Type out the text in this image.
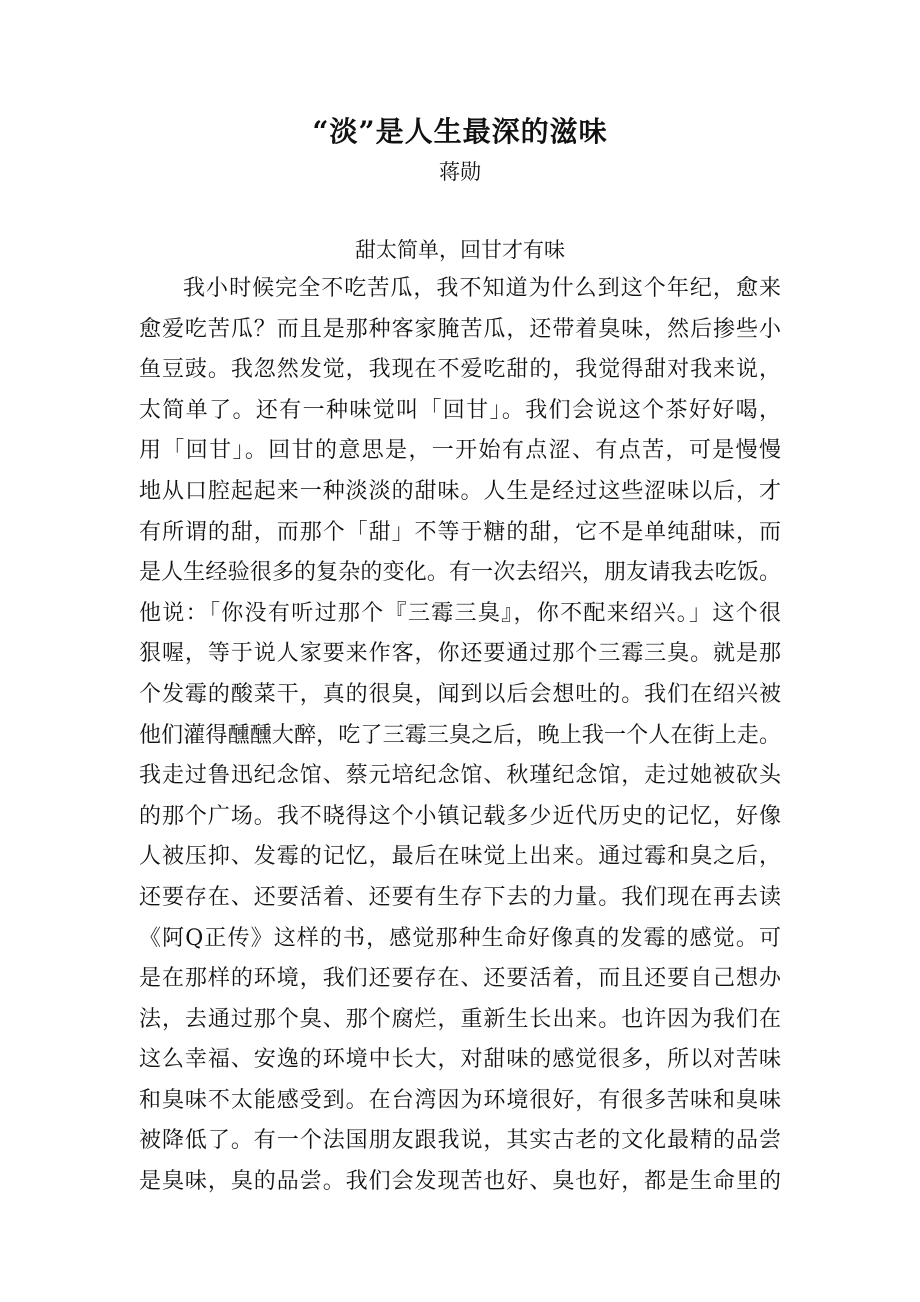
“淡”是人生最深的滋味
蒋勋
甜太简单，回甘才有味
我小时候完全不吃苦瓜，我不知道为什么到这个年纪，愈来
愈爱吃苦瓜？而且是那种客家腌苦瓜，还带着臭味，然后掺些小
鱼豆豉。我忽然发觉，我现在不爱吃甜的，我觉得甜对我来说，
太简单了。还有一种味觉叫「回甘」。我们会说这个茶好好喝，
用「回甘」。回甘的意思是，一开始有点涩、有点苦，可是慢慢
地从口腔起起来一种淡淡的甜味。人生是经过这些涩味以后，才
有所谓的甜，而那个「甜」不等于糖的甜，它不是单纯甜味，而
是人生经验很多的复杂的变化。有一次去绍兴，朋友请我去吃饭。
他说：「你没有听过那个『三霉三臭』，你不配来绍兴。」这个很
狠喔，等于说人家要来作客，你还要通过那个三霉三臭。就是那
个发霉的酸菜干，真的很臭，闻到以后会想吐的。我们在绍兴被
他们灌得醺醺大醉，吃了三霉三臭之后，晚上我一个人在街上走。
我走过鲁迅纪念馆、蔡元培纪念馆、秋瑾纪念馆，走过她被砍头
的那个广场。我不晓得这个小镇记载多少近代历史的记忆，好像
人被压抑、发霉的记忆，最后在味觉上出来。通过霉和臭之后，
还要存在、还要活着、还要有生存下去的力量。我们现在再去读
《阿Q正传》这样的书，感觉那种生命好像真的发霉的感觉。可
是在那样的环境，我们还要存在、还要活着，而且还要自己想办
法，去通过那个臭、那个腐烂，重新生长出来。也许因为我们在
这么幸福、安逸的环境中长大，对甜味的感觉很多，所以对苦味
和臭味不太能感受到。在台湾因为环境很好，有很多苦味和臭味
被降低了。有一个法国朋友跟我说，其实古老的文化最精的品尝
是臭味，臭的品尝。我们会发现苦也好、臭也好，都是生命里的
